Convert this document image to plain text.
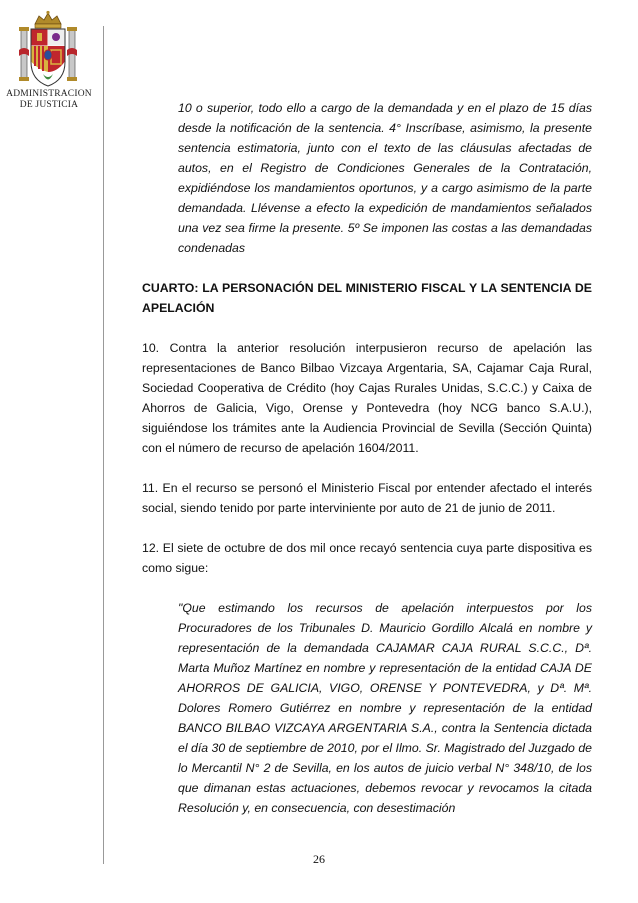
ADMINISTRACION
DE JUSTICIA	10 o superior, todo ello a cargo de la demandada y en el plazo de 15 días desde la notificación de la sentencia. 4° Inscríbase, asimismo, la presente sentencia estimatoria, junto con el texto de las cláusulas afectadas de autos, en el Registro de Condiciones Generales de la Contratación, expidiéndose los mandamientos oportunos, y a cargo asimismo de la parte demandada. Llévense a efecto la expedición de mandamientos señalados una vez sea firme la presente. 5º Se imponen las costas a las demandadas condenadas

CUARTO: LA PERSONACIÓN DEL MINISTERIO FISCAL Y LA SENTENCIA DE APELACIÓN

10. Contra la anterior resolución interpusieron recurso de apelación las representaciones de Banco Bilbao Vizcaya Argentaria, SA, Cajamar Caja Rural, Sociedad Cooperativa de Crédito (hoy Cajas Rurales Unidas, S.C.C.) y Caixa de Ahorros de Galicia, Vigo, Orense y Pontevedra (hoy NCG banco S.A.U.), siguiéndose los trámites ante la Audiencia Provincial de Sevilla (Sección Quinta) con el número de recurso de apelación 1604/2011.

11. En el recurso se personó el Ministerio Fiscal por entender afectado el interés social, siendo tenido por parte interviniente por auto de 21 de junio de 2011.

12. El siete de octubre de dos mil once recayó sentencia cuya parte dispositiva es como sigue:

"Que estimando los recursos de apelación interpuestos por los Procuradores de los Tribunales D. Mauricio Gordillo Alcalá en nombre y representación de la demandada CAJAMAR CAJA RURAL S.C.C., Dª. Marta Muñoz Martínez en nombre y representación de la entidad CAJA DE AHORROS DE GALICIA, VIGO, ORENSE Y PONTEVEDRA, y Dª. Mª. Dolores Romero Gutiérrez en nombre y representación de la entidad BANCO BILBAO VIZCAYA ARGENTARIA S.A., contra la Sentencia dictada el día 30 de septiembre de 2010, por el Ilmo. Sr. Magistrado del Juzgado de lo Mercantil N° 2 de Sevilla, en los autos de juicio verbal N° 348/10, de los que dimanan estas actuaciones, debemos revocar y revocamos la citada Resolución y, en consecuencia, con desestimación

26
